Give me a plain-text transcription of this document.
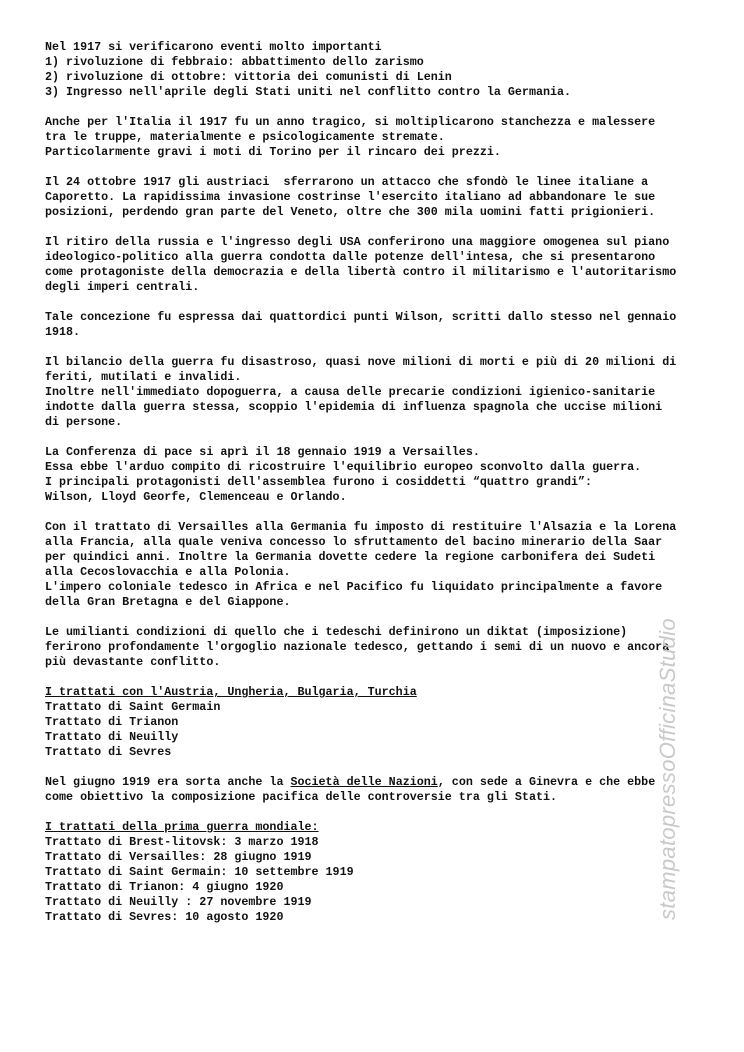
Nel 1917 si verificarono eventi molto importanti
1) rivoluzione di febbraio: abbattimento dello zarismo
2) rivoluzione di ottobre: vittoria dei comunisti di Lenin
3) Ingresso nell'aprile degli Stati uniti nel conflitto contro la Germania.
Anche per l'Italia il 1917 fu un anno tragico, si moltiplicarono stanchezza e malessere
tra le truppe, materialmente e psicologicamente stremate.
Particolarmente gravi i moti di Torino per il rincaro dei prezzi.
Il 24 ottobre 1917 gli austriaci  sferrarono un attacco che sfondò le linee italiane a
Caporetto. La rapidissima invasione costrinse l'esercito italiano ad abbandonare le sue
posizioni, perdendo gran parte del Veneto, oltre che 300 mila uomini fatti prigionieri.
Il ritiro della russia e l'ingresso degli USA conferirono una maggiore omogenea sul piano
ideologico-politico alla guerra condotta dalle potenze dell'intesa, che si presentarono
come protagoniste della democrazia e della libertà contro il militarismo e l'autoritarismo
degli imperi centrali.
Tale concezione fu espressa dai quattordici punti Wilson, scritti dallo stesso nel gennaio
1918.
Il bilancio della guerra fu disastroso, quasi nove milioni di morti e più di 20 milioni di
feriti, mutilati e invalidi.
Inoltre nell'immediato dopoguerra, a causa delle precarie condizioni igienico-sanitarie
indotte dalla guerra stessa, scoppio l'epidemia di influenza spagnola che uccise milioni
di persone.
La Conferenza di pace si aprì il 18 gennaio 1919 a Versailles.
Essa ebbe l'arduo compito di ricostruire l'equilibrio europeo sconvolto dalla guerra.
I principali protagonisti dell'assemblea furono i cosiddetti “quattro grandi”:
Wilson, Lloyd Georfe, Clemenceau e Orlando.
Con il trattato di Versailles alla Germania fu imposto di restituire l'Alsazia e la Lorena
alla Francia, alla quale veniva concesso lo sfruttamento del bacino minerario della Saar
per quindici anni. Inoltre la Germania dovette cedere la regione carbonifera dei Sudeti
alla Cecoslovacchia e alla Polonia.
L'impero coloniale tedesco in Africa e nel Pacifico fu liquidato principalmente a favore
della Gran Bretagna e del Giappone.
Le umilianti condizioni di quello che i tedeschi definirono un diktat (imposizione)
ferirono profondamente l'orgoglio nazionale tedesco, gettando i semi di un nuovo e ancora
più devastante conflitto.
I trattati con l'Austria, Ungheria, Bulgaria, Turchia
Trattato di Saint Germain
Trattato di Trianon
Trattato di Neuilly
Trattato di Sevres
Nel giugno 1919 era sorta anche la Società delle Nazioni, con sede a Ginevra e che ebbe
come obiettivo la composizione pacifica delle controversie tra gli Stati.
I trattati della prima guerra mondiale:
Trattato di Brest-litovsk: 3 marzo 1918
Trattato di Versailles: 28 giugno 1919
Trattato di Saint Germain: 10 settembre 1919
Trattato di Trianon: 4 giugno 1920
Trattato di Neuilly : 27 novembre 1919
Trattato di Sevres: 10 agosto 1920	stampatopressoOfficinaStudio
